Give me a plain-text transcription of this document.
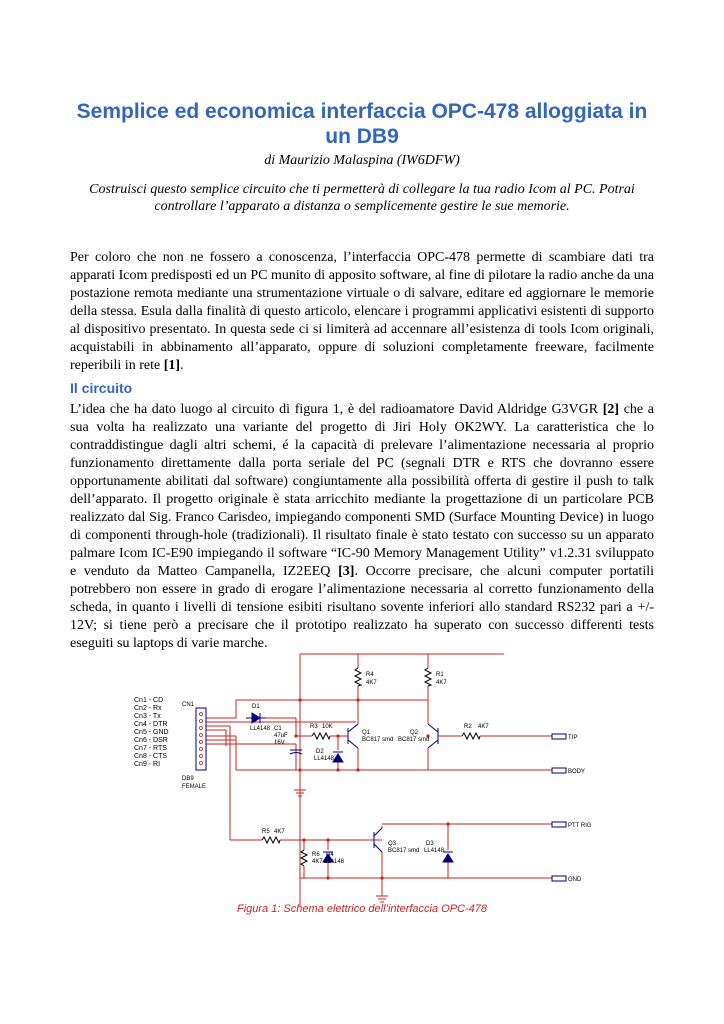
Semplice ed economica interfaccia OPC-478 alloggiata in un DB9
di Maurizio Malaspina (IW6DFW)
Costruisci questo semplice circuito che ti permetterà di collegare la tua radio Icom al PC. Potrai controllare l’apparato a distanza o semplicemente gestire le sue memorie.

Per coloro che non ne fossero a conoscenza, l’interfaccia OPC-478 permette di scambiare dati tra apparati Icom predisposti ed un PC munito di apposito software, al fine di pilotare la radio anche da una postazione remota mediante una strumentazione virtuale o di salvare, editare ed aggiornare le memorie della stessa. Esula dalla finalità di questo articolo, elencare i programmi applicativi esistenti di supporto al dispositivo presentato. In questa sede ci si limiterà ad accennare all’esistenza di tools Icom originali, acquistabili in abbinamento all’apparato, oppure di soluzioni completamente freeware, facilmente reperibili in rete [1].

Il circuito

L’idea che ha dato luogo al circuito di figura 1, è del radioamatore David Aldridge G3VGR [2] che a sua volta ha realizzato una variante del progetto di Jiri Holy OK2WY. La caratteristica che lo contraddistingue dagli altri schemi, é la capacità di prelevare l’alimentazione necessaria al proprio funzionamento direttamente dalla porta seriale del PC (segnali DTR e RTS che dovranno essere opportunamente abilitati dal software) congiuntamente alla possibilità offerta di gestire il push to talk dell’apparato. Il progetto originale è stata arricchito mediante la progettazione di un particolare PCB realizzato dal Sig. Franco Carisdeo, impiegando componenti SMD (Surface Mounting Device) in luogo di componenti through-hole (tradizionali). Il risultato finale è stato testato con successo su un apparato palmare Icom IC-E90 impiegando il software “IC-90 Memory Management Utility” v1.2.31 sviluppato e venduto da Matteo Campanella, IZ2EEQ [3]. Occorre precisare, che alcuni computer portatili potrebbero non essere in grado di erogare l’alimentazione necessaria al corretto funzionamento della scheda, in quanto i livelli di tensione esibiti risultano sovente inferiori allo standard RS232 pari a +/- 12V; si tiene però a precisare che il prototipo realizzato ha superato con successo differenti tests eseguiti su laptops di varie marche.

CN1
DB9
FEMALE
Cn1 - CD
Cn2 - Rx
Cn3 - Tx
Cn4 - DTR
Cn5 - GND
Cn6 - DSR
Cn7 - RTS
Cn8 - CTS
Cn9 - RI
D1
LL4148 C1
47uF
16V
R3 10K
D2
LL4148
R4
4K7
R1
4K7
Q1
BC817 smd
Q2
BC817 smd
R2 4K7
TIP
BODY
R5 4K7
R6
4K7
D4
LL4148
Q3
BC817 smd
D3
LL4148
PTT RIG
GND
Figura 1: Schema elettrico dell’interfaccia OPC-478
